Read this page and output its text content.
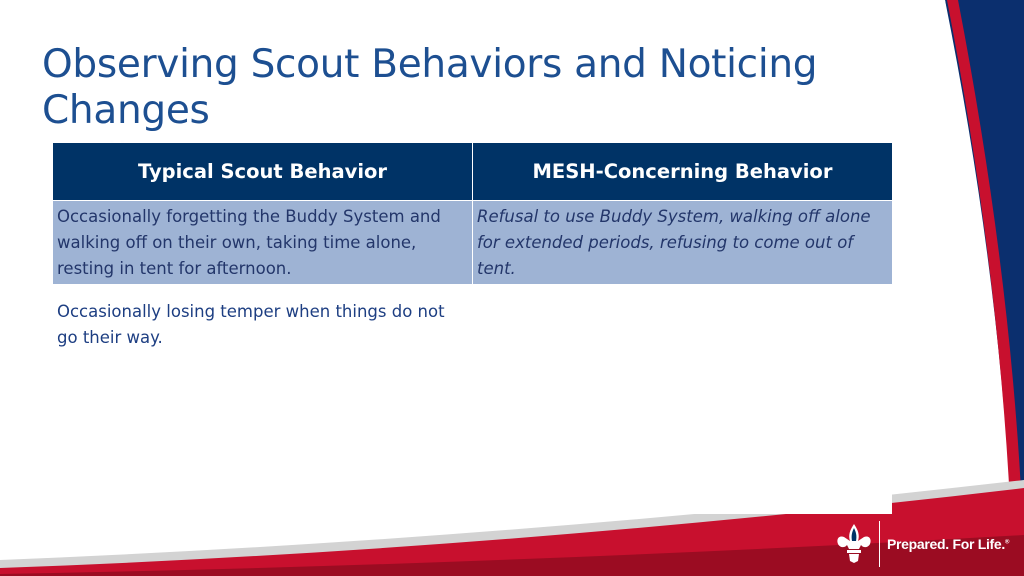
Observing Scout Behaviors and Noticing Changes
Typical Scout Behavior	MESH-Concerning Behavior
Occasionally forgetting the Buddy System and walking off on their own, taking time alone, resting in tent for afternoon.	Refusal to use Buddy System, walking off alone for extended periods, refusing to come out of tent.
Occasionally losing temper when things do not go their way.	
Prepared. For Life.®
